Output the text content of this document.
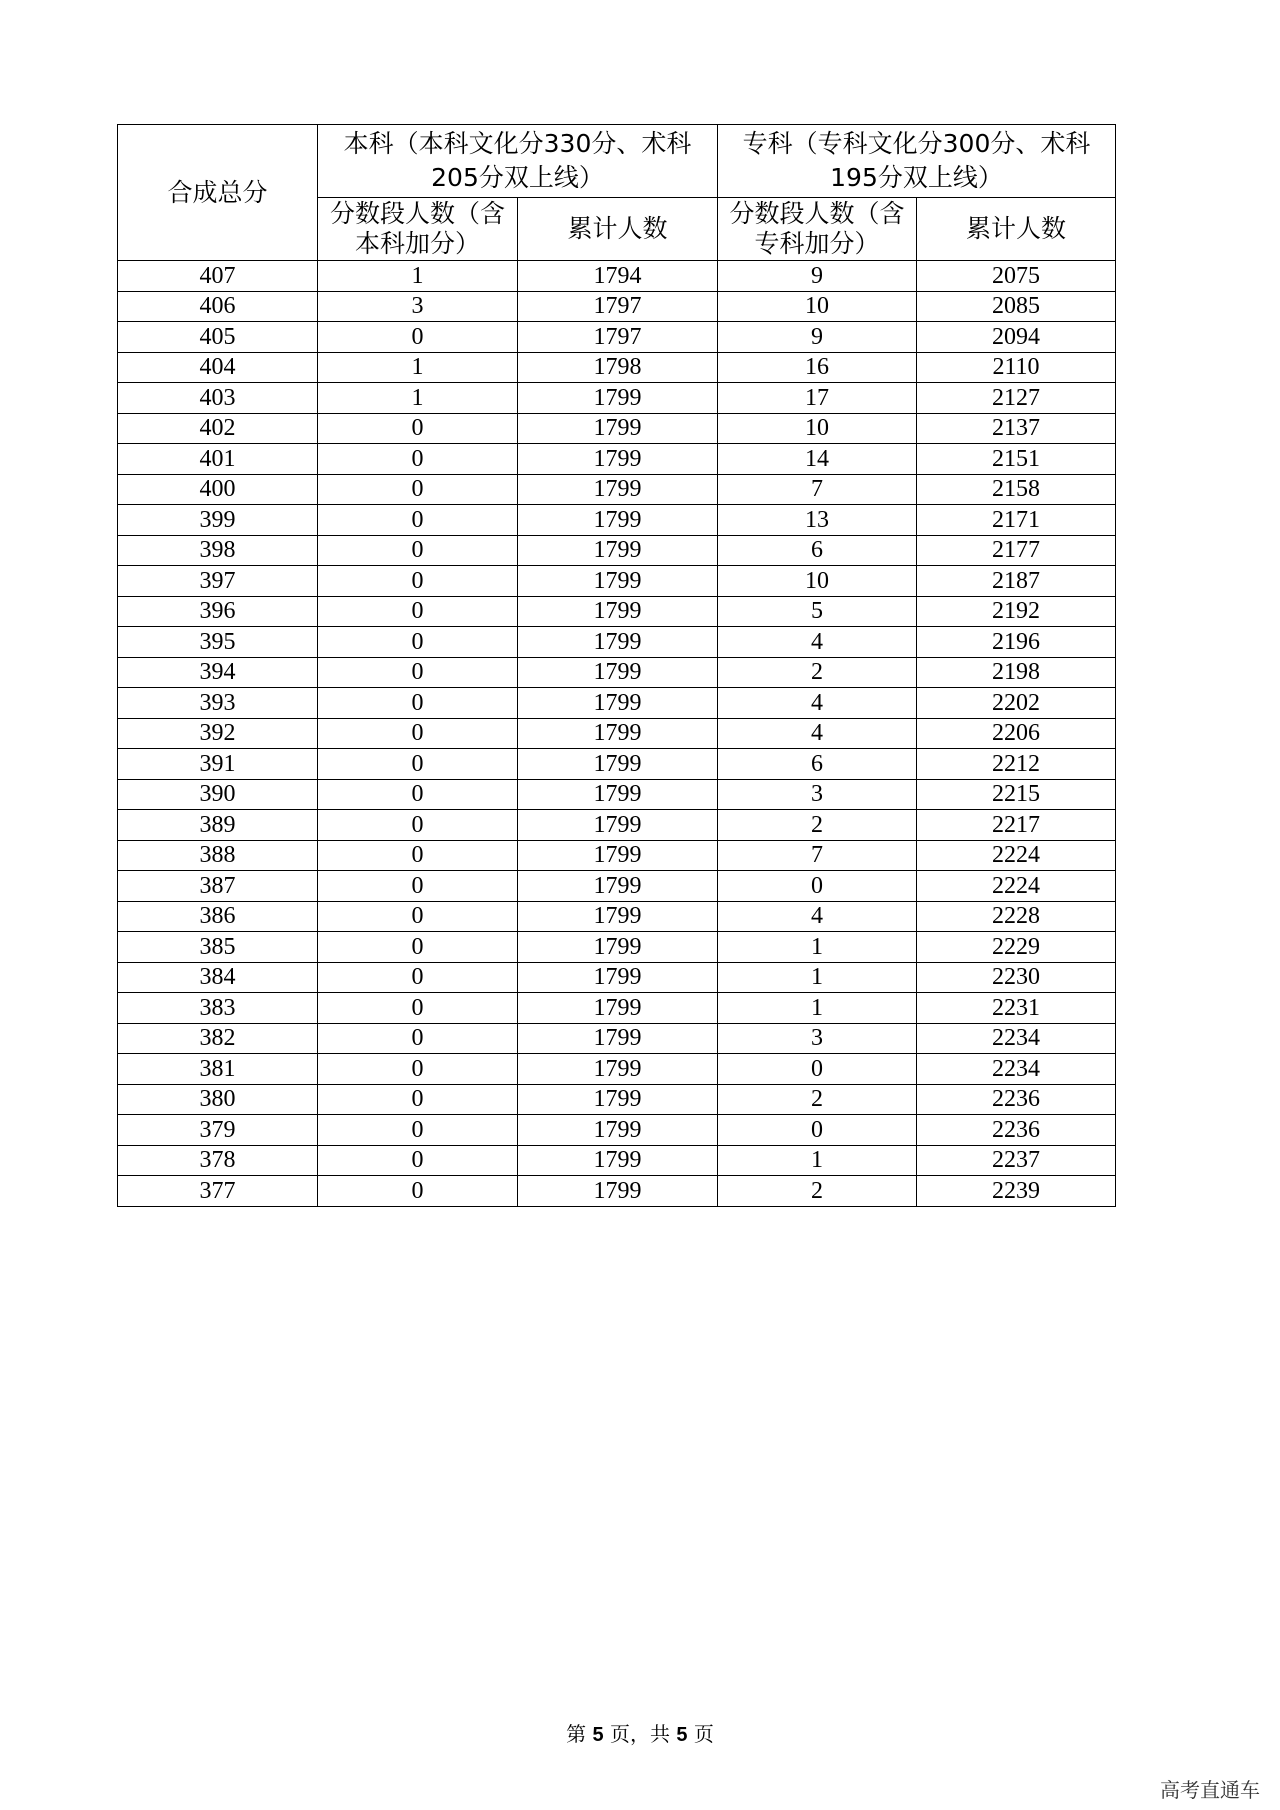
合成总分	本科（本科文化分330分、术科205分双上线）		专科（专科文化分300分、术科195分双上线）	
	分数段人数（含本科加分）	累计人数	分数段人数（含专科加分）	累计人数
407	1	1794	9	2075
406	3	1797	10	2085
405	0	1797	9	2094
404	1	1798	16	2110
403	1	1799	17	2127
402	0	1799	10	2137
401	0	1799	14	2151
400	0	1799	7	2158
399	0	1799	13	2171
398	0	1799	6	2177
397	0	1799	10	2187
396	0	1799	5	2192
395	0	1799	4	2196
394	0	1799	2	2198
393	0	1799	4	2202
392	0	1799	4	2206
391	0	1799	6	2212
390	0	1799	3	2215
389	0	1799	2	2217
388	0	1799	7	2224
387	0	1799	0	2224
386	0	1799	4	2228
385	0	1799	1	2229
384	0	1799	1	2230
383	0	1799	1	2231
382	0	1799	3	2234
381	0	1799	0	2234
380	0	1799	2	2236
379	0	1799	0	2236
378	0	1799	1	2237
377	0	1799	2	2239
第 5 页，共 5 页
高考直通车
